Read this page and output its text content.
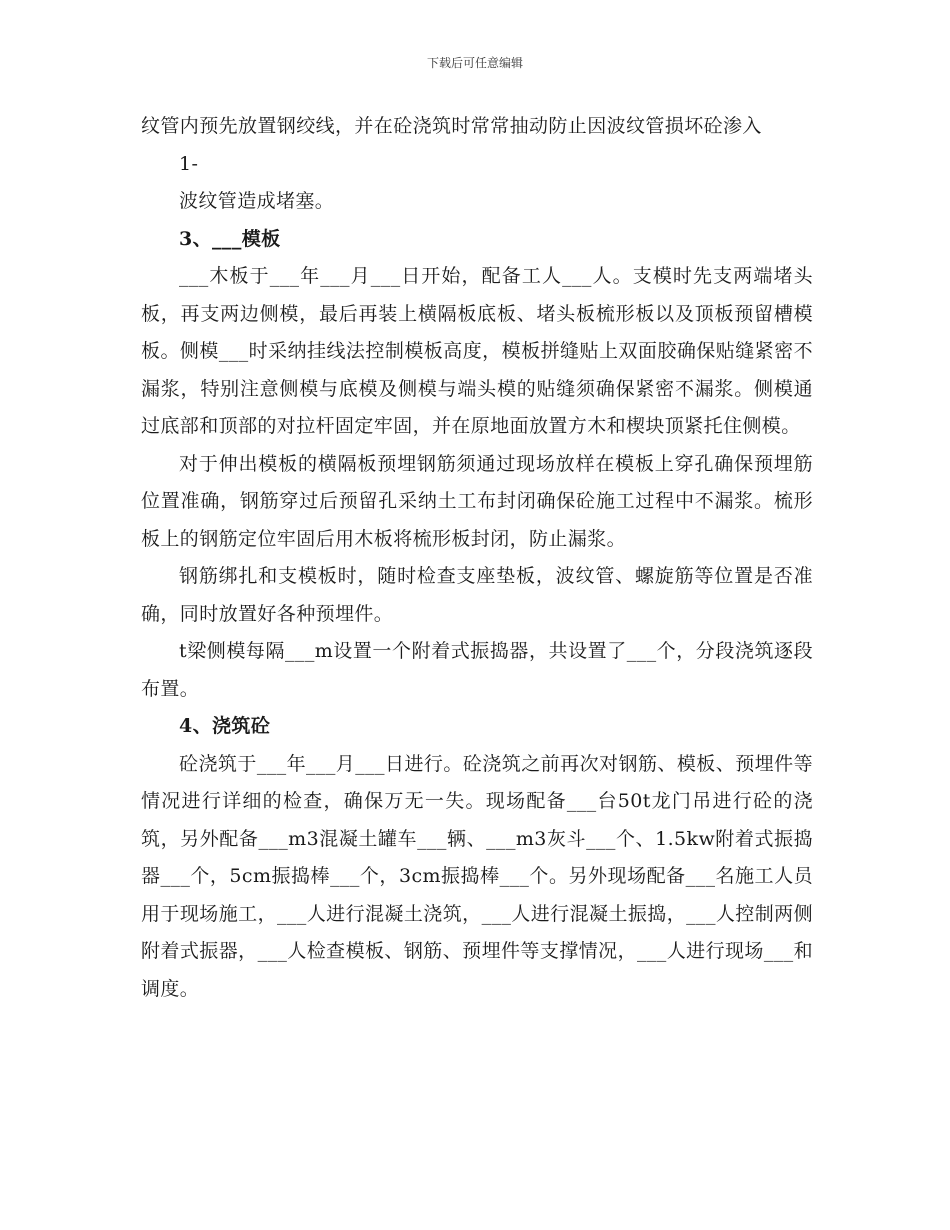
下载后可任意编辑

纹管内预先放置钢绞线，并在砼浇筑时常常抽动防止因波纹管损坏砼渗入

1-

波纹管造成堵塞。

3、___模板

___木板于___年___月___日开始，配备工人___人。支模时先支两端堵头板，再支两边侧模，最后再装上横隔板底板、堵头板梳形板以及顶板预留槽模板。侧模___时采纳挂线法控制模板高度，模板拼缝贴上双面胶确保贴缝紧密不漏浆，特别注意侧模与底模及侧模与端头模的贴缝须确保紧密不漏浆。侧模通过底部和顶部的对拉杆固定牢固，并在原地面放置方木和楔块顶紧托住侧模。

对于伸出模板的横隔板预埋钢筋须通过现场放样在模板上穿孔确保预埋筋位置准确，钢筋穿过后预留孔采纳土工布封闭确保砼施工过程中不漏浆。梳形板上的钢筋定位牢固后用木板将梳形板封闭，防止漏浆。

钢筋绑扎和支模板时，随时检查支座垫板，波纹管、螺旋筋等位置是否准确，同时放置好各种预埋件。

t梁侧模每隔___m设置一个附着式振捣器，共设置了___个，分段浇筑逐段布置。

4、浇筑砼

砼浇筑于___年___月___日进行。砼浇筑之前再次对钢筋、模板、预埋件等情况进行详细的检查，确保万无一失。现场配备___台50t龙门吊进行砼的浇筑，另外配备___m3混凝土罐车___辆、___m3灰斗___个、1.5kw附着式振捣器___个，5cm振捣棒___个，3cm振捣棒___个。另外现场配备___名施工人员用于现场施工，___人进行混凝土浇筑，___人进行混凝土振捣，___人控制两侧附着式振器，___人检查模板、钢筋、预埋件等支撑情况，___人进行现场___和调度。
